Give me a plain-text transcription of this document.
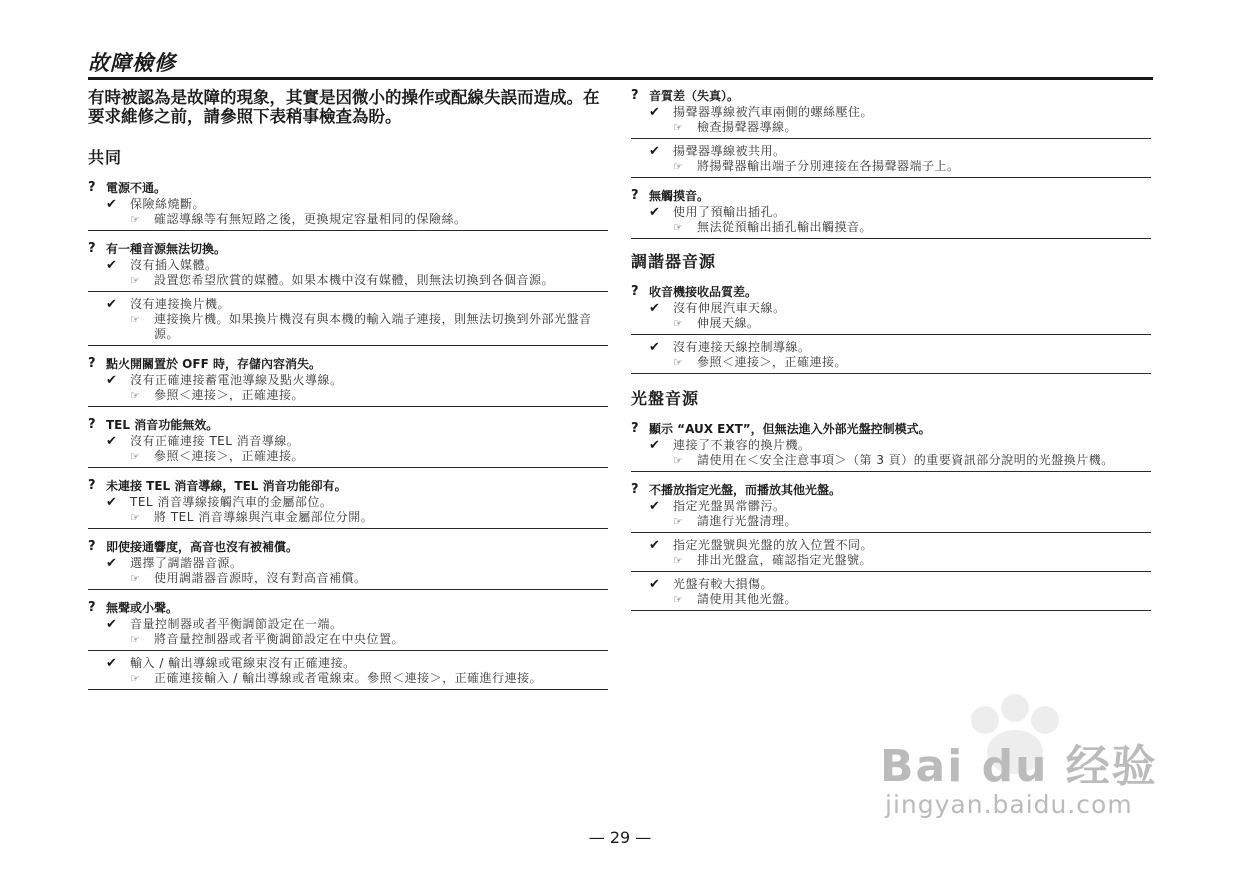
故障檢修
有時被認為是故障的現象，其實是因微小的操作或配線失誤而造成。在要求維修之前，請參照下表稍事檢查為盼。
共同
? 電源不通。
✔	保險絲燒斷。
☞	確認導線等有無短路之後，更換規定容量相同的保險絲。
? 有一種音源無法切換。
✔	沒有插入媒體。
☞	設置您希望欣賞的媒體。如果本機中沒有媒體，則無法切換到各個音源。
✔	沒有連接換片機。
☞	連接換片機。如果換片機沒有與本機的輸入端子連接，則無法切換到外部光盤音源。
? 點火開關置於 OFF 時，存儲內容消失。
✔	沒有正確連接蓄電池導線及點火導線。
☞	參照＜連接＞，正確連接。
? TEL 消音功能無效。
✔	沒有正確連接 TEL 消音導線。
☞	參照＜連接＞，正確連接。
? 未連接 TEL 消音導線，TEL 消音功能卻有。
✔	TEL 消音導線接觸汽車的金屬部位。
☞	將 TEL 消音導線與汽車金屬部位分開。
? 即使接通響度，高音也沒有被補償。
✔	選擇了調諧器音源。
☞	使用調諧器音源時，沒有對高音補償。
? 無聲或小聲。
✔	音量控制器或者平衡調節設定在一端。
☞	將音量控制器或者平衡調節設定在中央位置。
✔	輸入 / 輸出導線或電線束沒有正確連接。
☞	正確連接輸入 / 輸出導線或者電線束。參照＜連接＞，正確進行連接。
? 音質差（失真）。
✔	揚聲器導線被汽車兩側的螺絲壓住。
☞	檢查揚聲器導線。
✔	揚聲器導線被共用。
☞	將揚聲器輸出端子分別連接在各揚聲器端子上。
? 無觸摸音。
✔	使用了預輸出插孔。
☞	無法從預輸出插孔輸出觸摸音。
調諧器音源
? 收音機接收品質差。
✔	沒有伸展汽車天線。
☞	伸展天線。
✔	沒有連接天線控制導線。
☞	參照＜連接＞，正確連接。
光盤音源
? 顯示 “AUX EXT”，但無法進入外部光盤控制模式。
✔	連接了不兼容的換片機。
☞	請使用在＜安全注意事項＞（第 3 頁）的重要資訊部分說明的光盤換片機。
? 不播放指定光盤，而播放其他光盤。
✔	指定光盤異常髒污。
☞	請進行光盤清理。
✔	指定光盤號與光盤的放入位置不同。
☞	排出光盤盒，確認指定光盤號。
✔	光盤有較大損傷。
☞	請使用其他光盤。
— 29 —
Bai du 经验
jingyan.baidu.com
